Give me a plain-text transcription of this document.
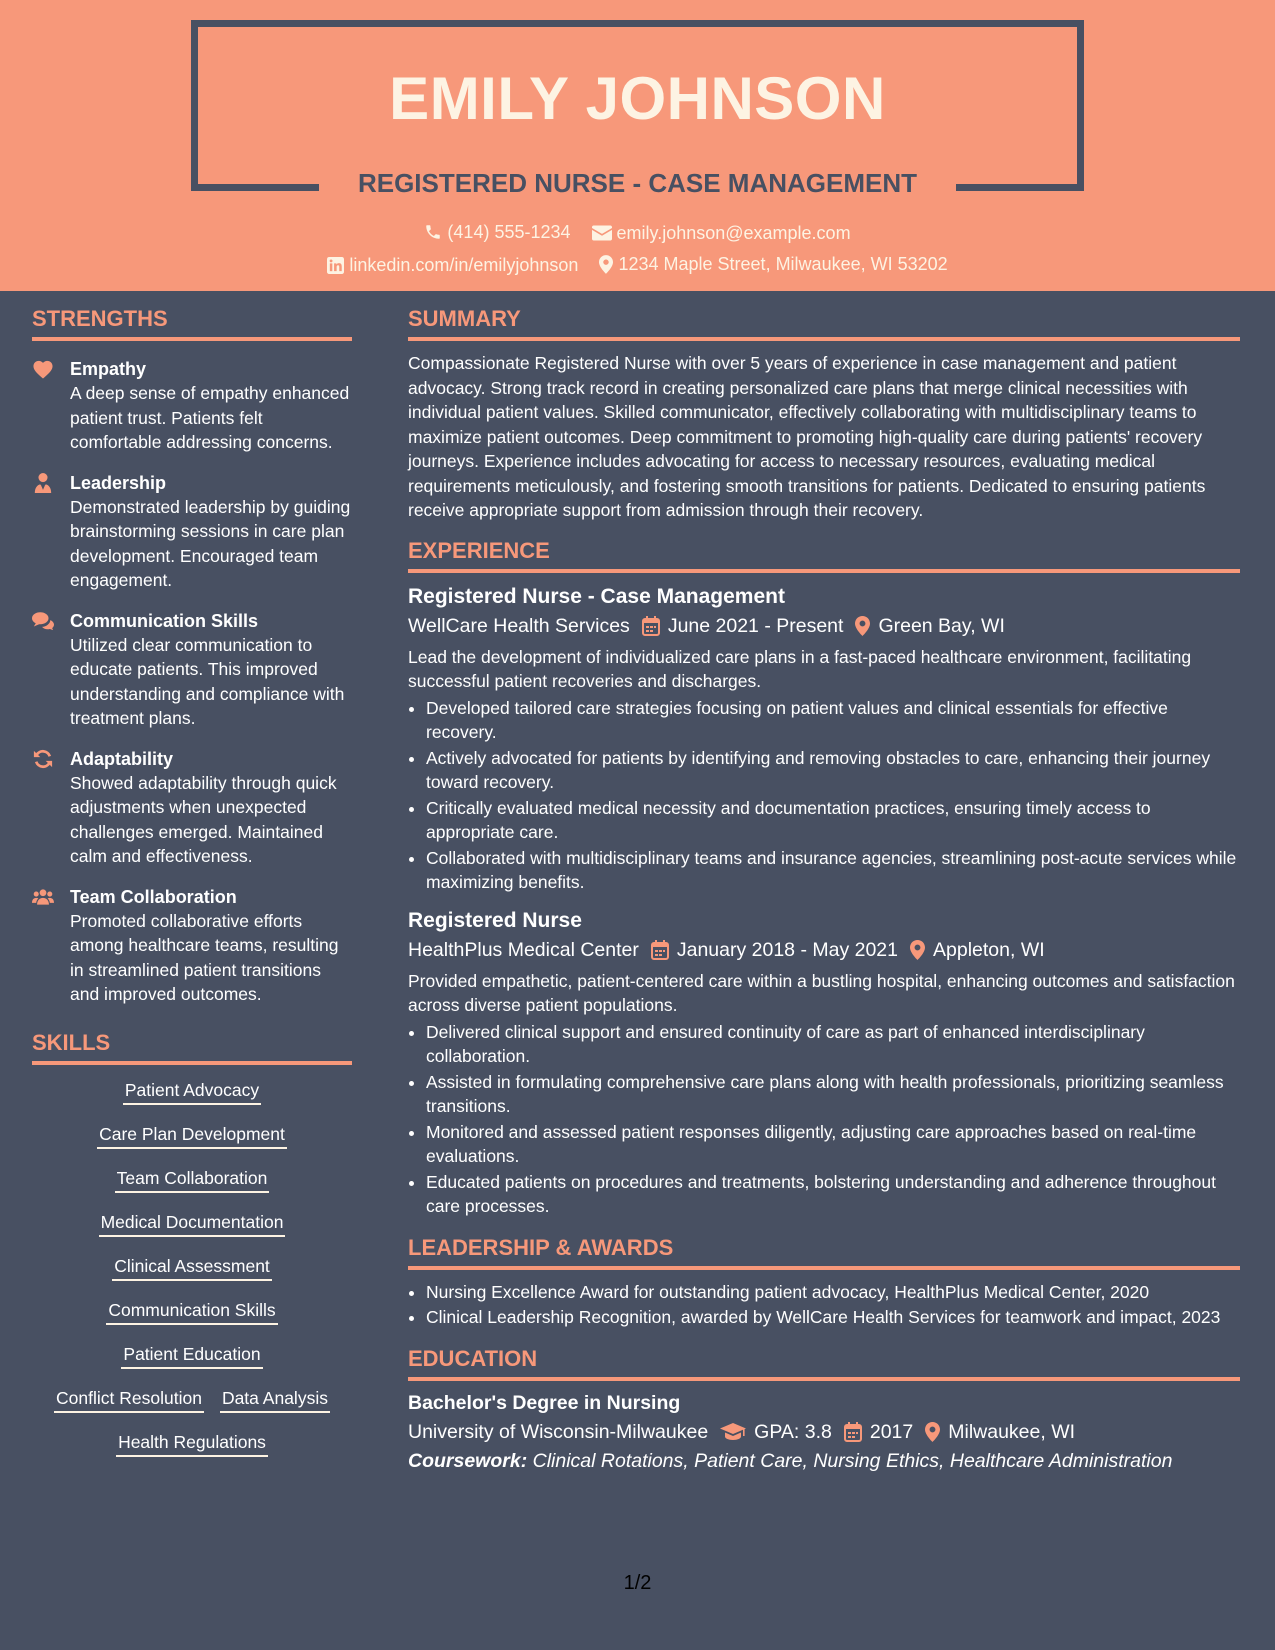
EMILY JOHNSON
REGISTERED NURSE - CASE MANAGEMENT
(414) 555-1234
	emily.johnson@example.com
linkedin.com/in/emilyjohnson
1234 Maple Street, Milwaukee, WI 53202
STRENGTHS
Empathy
A deep sense of empathy enhanced patient trust. Patients felt comfortable addressing concerns.
Leadership
Demonstrated leadership by guiding brainstorming sessions in care plan development. Encouraged team engagement.
Communication Skills
Utilized clear communication to educate patients. This improved understanding and compliance with treatment plans.
Adaptability
Showed adaptability through quick adjustments when unexpected challenges emerged. Maintained calm and effectiveness.
Team Collaboration
Promoted collaborative efforts among healthcare teams, resulting in streamlined patient transitions and improved outcomes.
SKILLS
Patient Advocacy
Care Plan Development
Team Collaboration
Medical Documentation
Clinical Assessment
Communication Skills
Patient Education
Conflict Resolution Data Analysis
Health Regulations
SUMMARY
Compassionate Registered Nurse with over 5 years of experience in case management and patient advocacy. Strong track record in creating personalized care plans that merge clinical necessities with individual patient values. Skilled communicator, effectively collaborating with multidisciplinary teams to maximize patient outcomes. Deep commitment to promoting high-quality care during patients' recovery journeys. Experience includes advocating for access to necessary resources, evaluating medical requirements meticulously, and fostering smooth transitions for patients. Dedicated to ensuring patients receive appropriate support from admission through their recovery.
EXPERIENCE
Registered Nurse - Case Management
WellCare Health Services June 2021 - Present Green Bay, WI
Lead the development of individualized care plans in a fast-paced healthcare environment, facilitating successful patient recoveries and discharges.
• Developed tailored care strategies focusing on patient values and clinical essentials for effective recovery.
• Actively advocated for patients by identifying and removing obstacles to care, enhancing their journey toward recovery.
• Critically evaluated medical necessity and documentation practices, ensuring timely access to appropriate care.
• Collaborated with multidisciplinary teams and insurance agencies, streamlining post-acute services while maximizing benefits.
Registered Nurse
HealthPlus Medical Center January 2018 - May 2021 Appleton, WI
Provided empathetic, patient-centered care within a bustling hospital, enhancing outcomes and satisfaction across diverse patient populations.
• Delivered clinical support and ensured continuity of care as part of enhanced interdisciplinary collaboration.
• Assisted in formulating comprehensive care plans along with health professionals, prioritizing seamless transitions.
• Monitored and assessed patient responses diligently, adjusting care approaches based on real-time evaluations.
• Educated patients on procedures and treatments, bolstering understanding and adherence throughout care processes.
LEADERSHIP & AWARDS
• Nursing Excellence Award for outstanding patient advocacy, HealthPlus Medical Center, 2020
• Clinical Leadership Recognition, awarded by WellCare Health Services for teamwork and impact, 2023
EDUCATION
Bachelor's Degree in Nursing
University of Wisconsin-Milwaukee GPA: 3.8 2017 Milwaukee, WI
Coursework: Clinical Rotations, Patient Care, Nursing Ethics, Healthcare Administration
1/2
